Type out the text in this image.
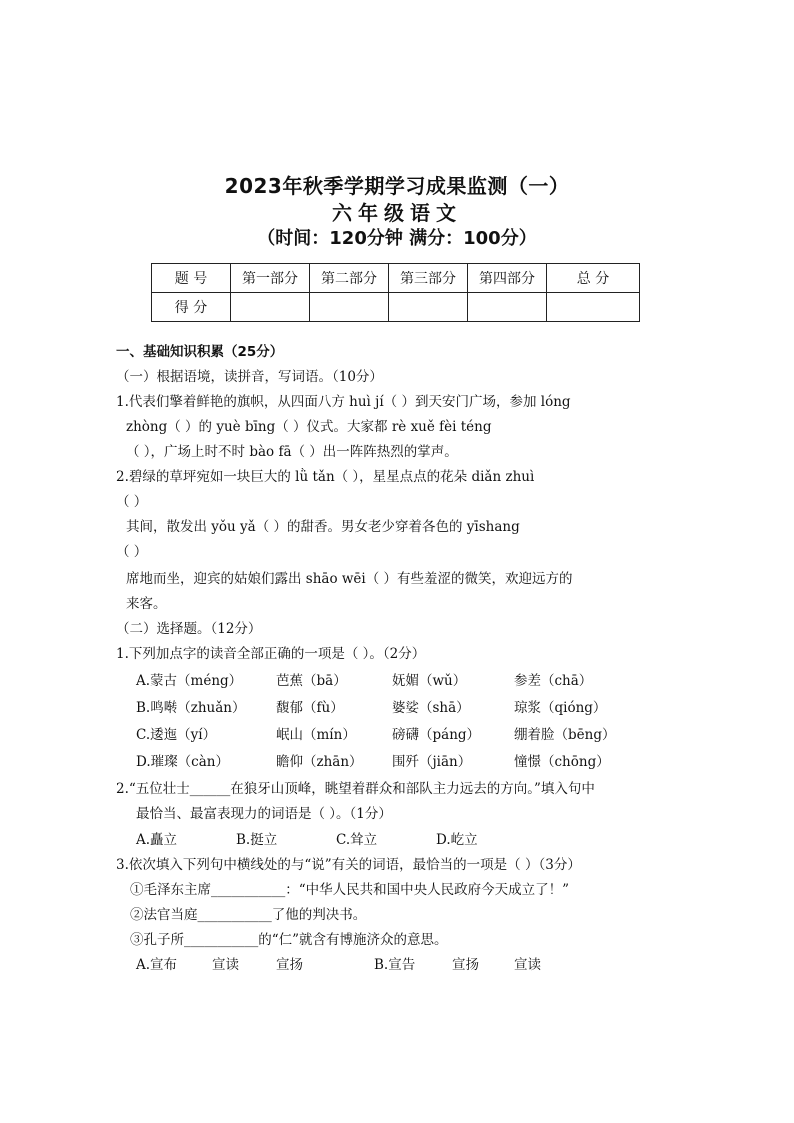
2023年秋季学期学习成果监测（一）
六年级语文
（时间：120分钟 满分：100分）
题 号	第一部分	第二部分	第三部分	第四部分	总 分
得 分					
一、基础知识积累（25分）
（一）根据语境，读拼音，写词语。（10分）
1.代表们擎着鲜艳的旗帜，从四面八方 huì jí（ ）到天安门广场，参加 lóng
zhòng（ ）的 yuè bīng（ ）仪式。大家都 rè xuě fèi téng
（ ），广场上时不时 bào fā（ ）出一阵阵热烈的掌声。
2.碧绿的草坪宛如一块巨大的 lǜ tǎn（ ），星星点点的花朵 diǎn zhuì
（ ）
其间，散发出 yǒu yǎ（ ）的甜香。男女老少穿着各色的 yīshang
（ ）
席地而坐，迎宾的姑娘们露出 shāo wēi（ ）有些羞涩的微笑，欢迎远方的
来客。
（二）选择题。（12分）
1.下列加点字的读音全部正确的一项是（ ）。（2分）
A.蒙古（méng）	芭蕉（bā）	妩媚（wǔ）	参差（chā）
B.鸣啭（zhuǎn） 馥郁（fù）	婆娑（shā）	琼浆（qióng）
C.逶迤（yí）	岷山（mín）	磅礴（páng）	绷着脸（bēng）
D.璀璨（càn）	瞻仰（zhān） 围歼（jiān）	憧憬（chōng）
2.“五位壮士______在狼牙山顶峰，眺望着群众和部队主力远去的方向。”填入句中
最恰当、最富表现力的词语是（ ）。（1分）
A.矗立	B.挺立	C.耸立	D.屹立
3.依次填入下列句中横线处的与“说”有关的词语，最恰当的一项是（ ）（3分）
①毛泽东主席___________：“中华人民共和国中央人民政府今天成立了！”
②法官当庭___________了他的判决书。
③孔子所___________的“仁”就含有博施济众的意思。
A.宣布	宣读	宣扬	B.宣告	宣扬	宣读
